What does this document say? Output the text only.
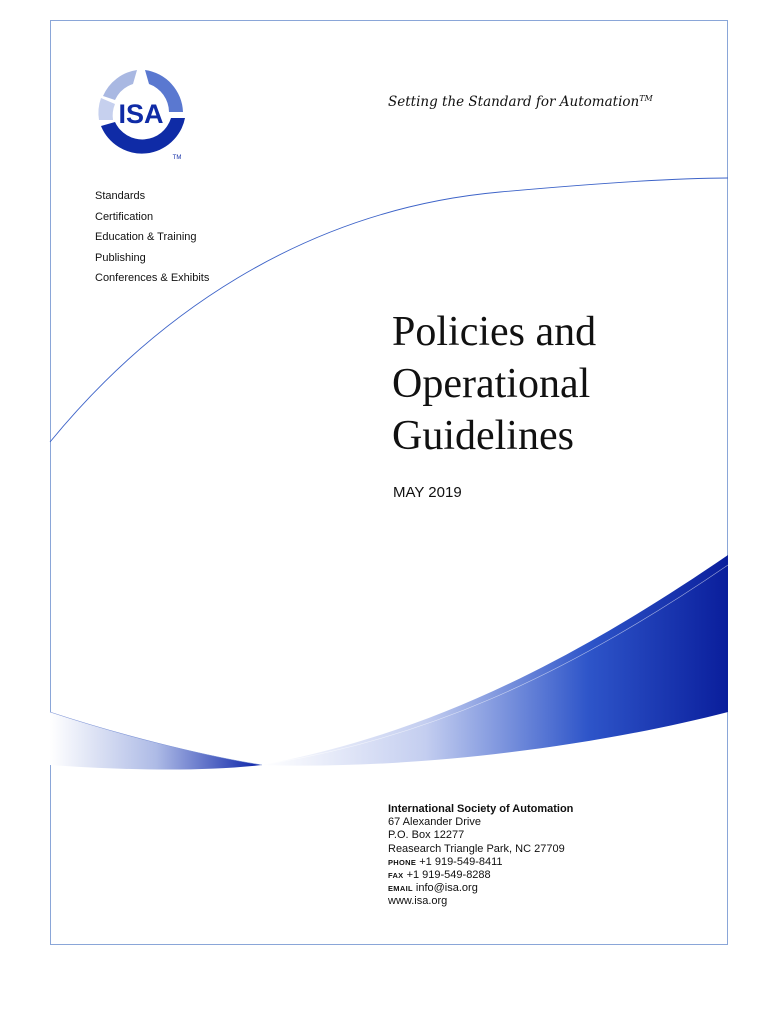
ISA
TM
Setting the Standard for Automation™
Standards
Certification
Education & Training
Publishing
Conferences & Exhibits
Policies and
Operational
Guidelines
MAY 2019
International Society of Automation
67 Alexander Drive
P.O. Box 12277
Reasearch Triangle Park, NC 27709
PHONE +1 919-549-8411
FAX +1 919-549-8288
EMAIL info@isa.org
www.isa.org
